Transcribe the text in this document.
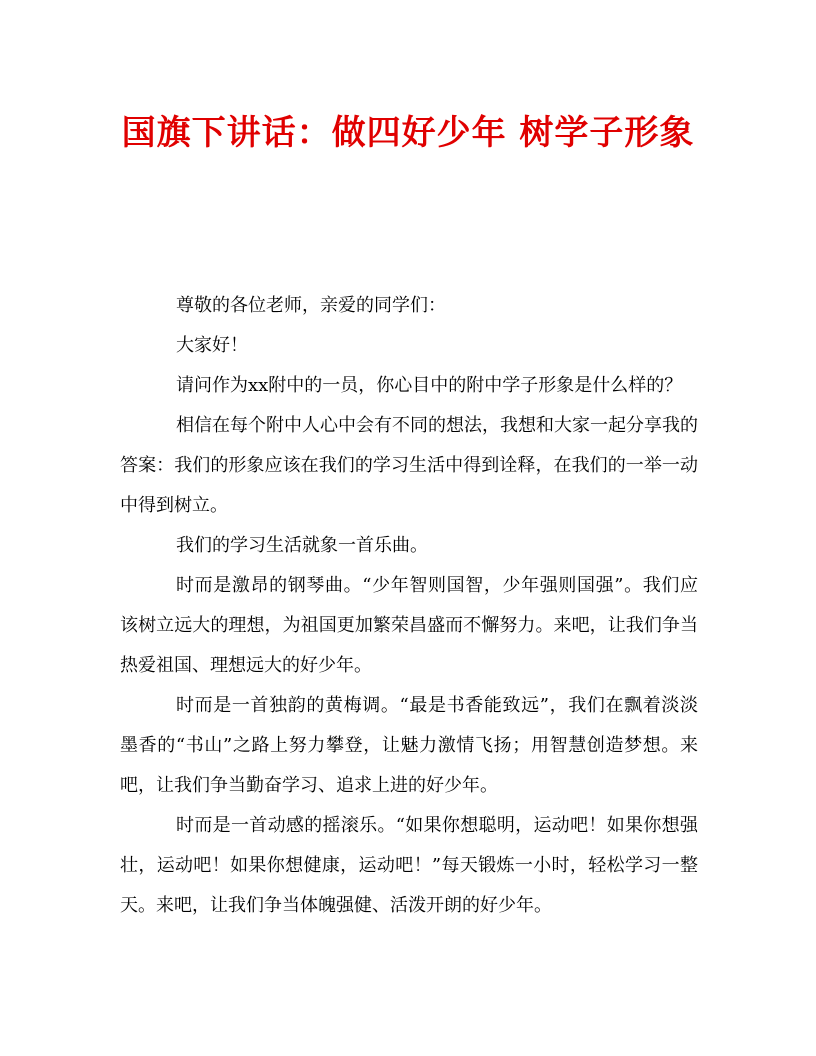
国旗下讲话：做四好少年 树学子形象

尊敬的各位老师，亲爱的同学们：

大家好！

请问作为xx附中的一员，你心目中的附中学子形象是什么样的？

相信在每个附中人心中会有不同的想法，我想和大家一起分享我的答案：我们的形象应该在我们的学习生活中得到诠释，在我们的一举一动中得到树立。

我们的学习生活就象一首乐曲。

时而是激昂的钢琴曲。“少年智则国智，少年强则国强”。我们应该树立远大的理想，为祖国更加繁荣昌盛而不懈努力。来吧，让我们争当热爱祖国、理想远大的好少年。

时而是一首独韵的黄梅调。“最是书香能致远”，我们在飘着淡淡墨香的“书山”之路上努力攀登，让魅力激情飞扬；用智慧创造梦想。来吧，让我们争当勤奋学习、追求上进的好少年。

时而是一首动感的摇滚乐。“如果你想聪明，运动吧！如果你想强壮，运动吧！如果你想健康，运动吧！”每天锻炼一小时，轻松学习一整天。来吧，让我们争当体魄强健、活泼开朗的好少年。
